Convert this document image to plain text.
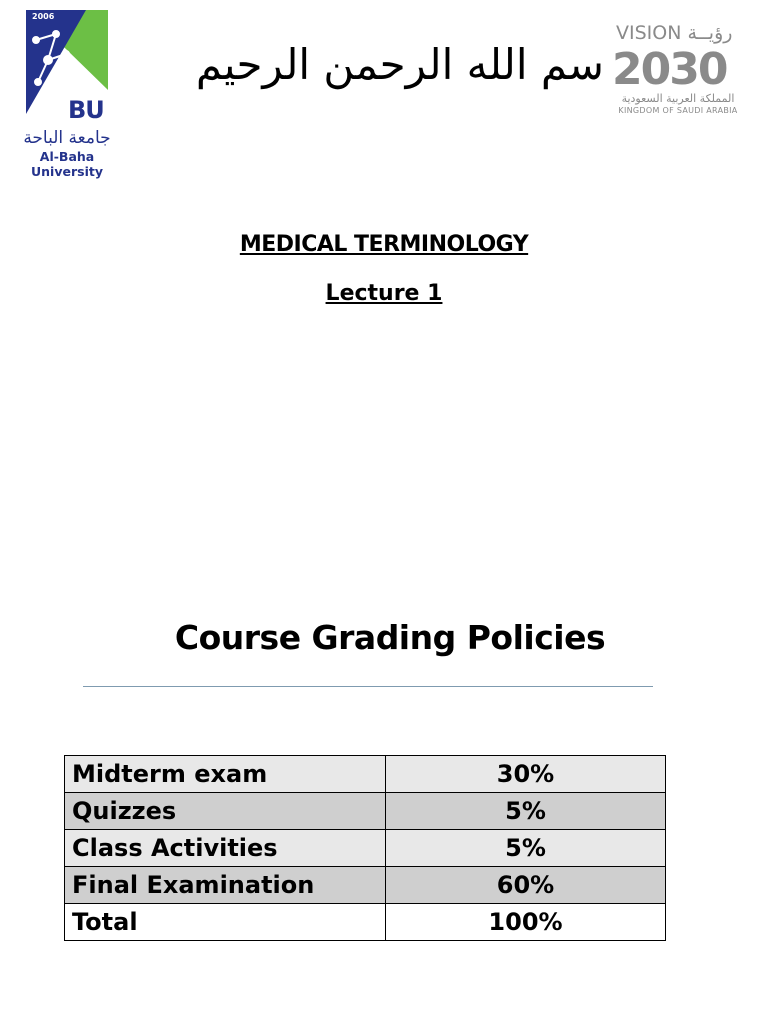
2006
BU
جامعة الباحة
Al-Baha University
سم الله الرحمن الرحيم
VISION رؤيــة
2030
المملكة العربية السعودية
KINGDOM OF SAUDI ARABIA
MEDICAL TERMINOLOGY
Lecture 1
Course Grading Policies
Midterm exam	30%
Quizzes	5%
Class Activities	5%
Final Examination	60%
Total	100%
